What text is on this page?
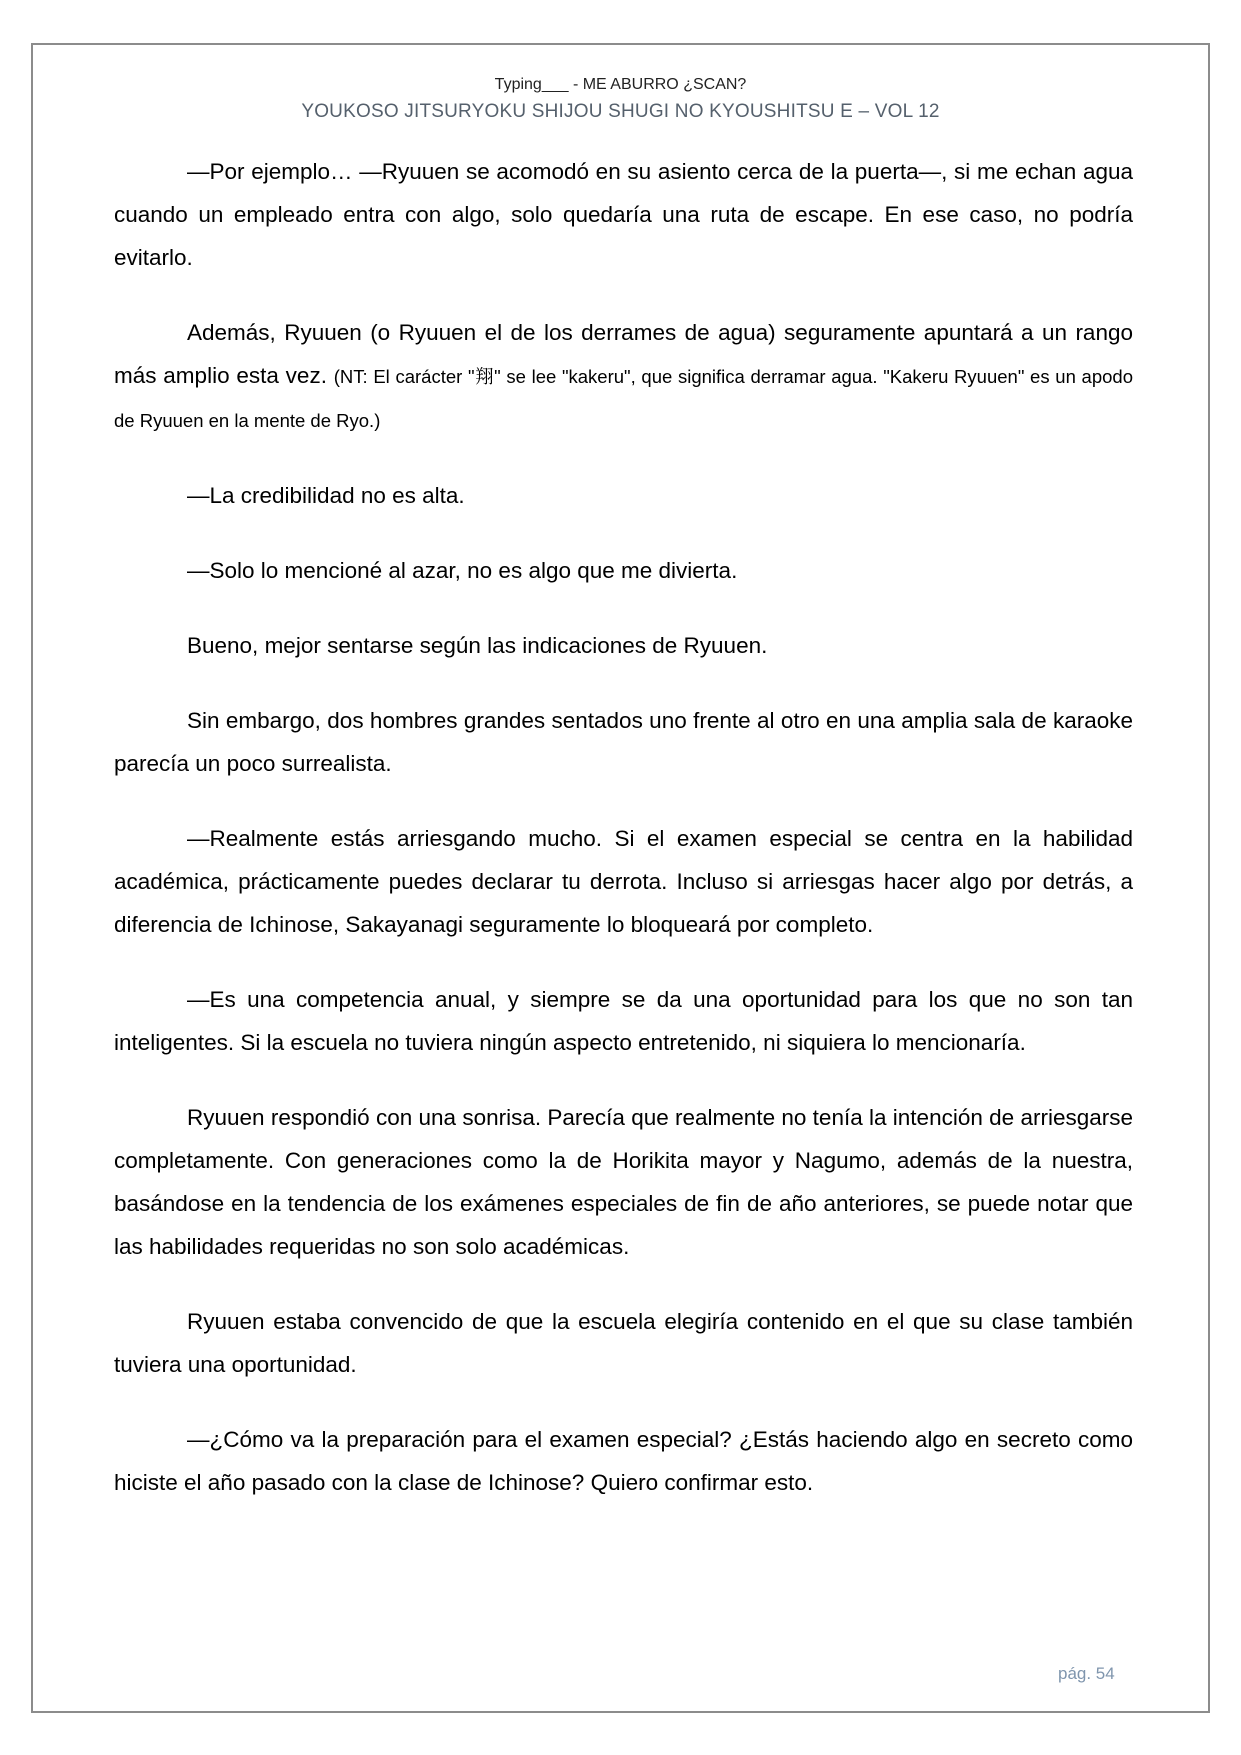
Typing___ - ME ABURRO ¿SCAN?
YOUKOSO JITSURYOKU SHIJOU SHUGI NO KYOUSHITSU E – VOL 12

—Por ejemplo… —Ryuuen se acomodó en su asiento cerca de la puerta—, si me echan agua cuando un empleado entra con algo, solo quedaría una ruta de escape. En ese caso, no podría evitarlo.

Además, Ryuuen (o Ryuuen el de los derrames de agua) seguramente apuntará a un rango más amplio esta vez. (NT: El carácter "翔" se lee "kakeru", que significa derramar agua. "Kakeru Ryuuen" es un apodo de Ryuuen en la mente de Ryo.)

—La credibilidad no es alta.

—Solo lo mencioné al azar, no es algo que me divierta.

Bueno, mejor sentarse según las indicaciones de Ryuuen.

Sin embargo, dos hombres grandes sentados uno frente al otro en una amplia sala de karaoke parecía un poco surrealista.

—Realmente estás arriesgando mucho. Si el examen especial se centra en la habilidad académica, prácticamente puedes declarar tu derrota. Incluso si arriesgas hacer algo por detrás, a diferencia de Ichinose, Sakayanagi seguramente lo bloqueará por completo.

—Es una competencia anual, y siempre se da una oportunidad para los que no son tan inteligentes. Si la escuela no tuviera ningún aspecto entretenido, ni siquiera lo mencionaría.

Ryuuen respondió con una sonrisa. Parecía que realmente no tenía la intención de arriesgarse completamente. Con generaciones como la de Horikita mayor y Nagumo, además de la nuestra, basándose en la tendencia de los exámenes especiales de fin de año anteriores, se puede notar que las habilidades requeridas no son solo académicas.

Ryuuen estaba convencido de que la escuela elegiría contenido en el que su clase también tuviera una oportunidad.

—¿Cómo va la preparación para el examen especial? ¿Estás haciendo algo en secreto como hiciste el año pasado con la clase de Ichinose? Quiero confirmar esto.

pág. 54
